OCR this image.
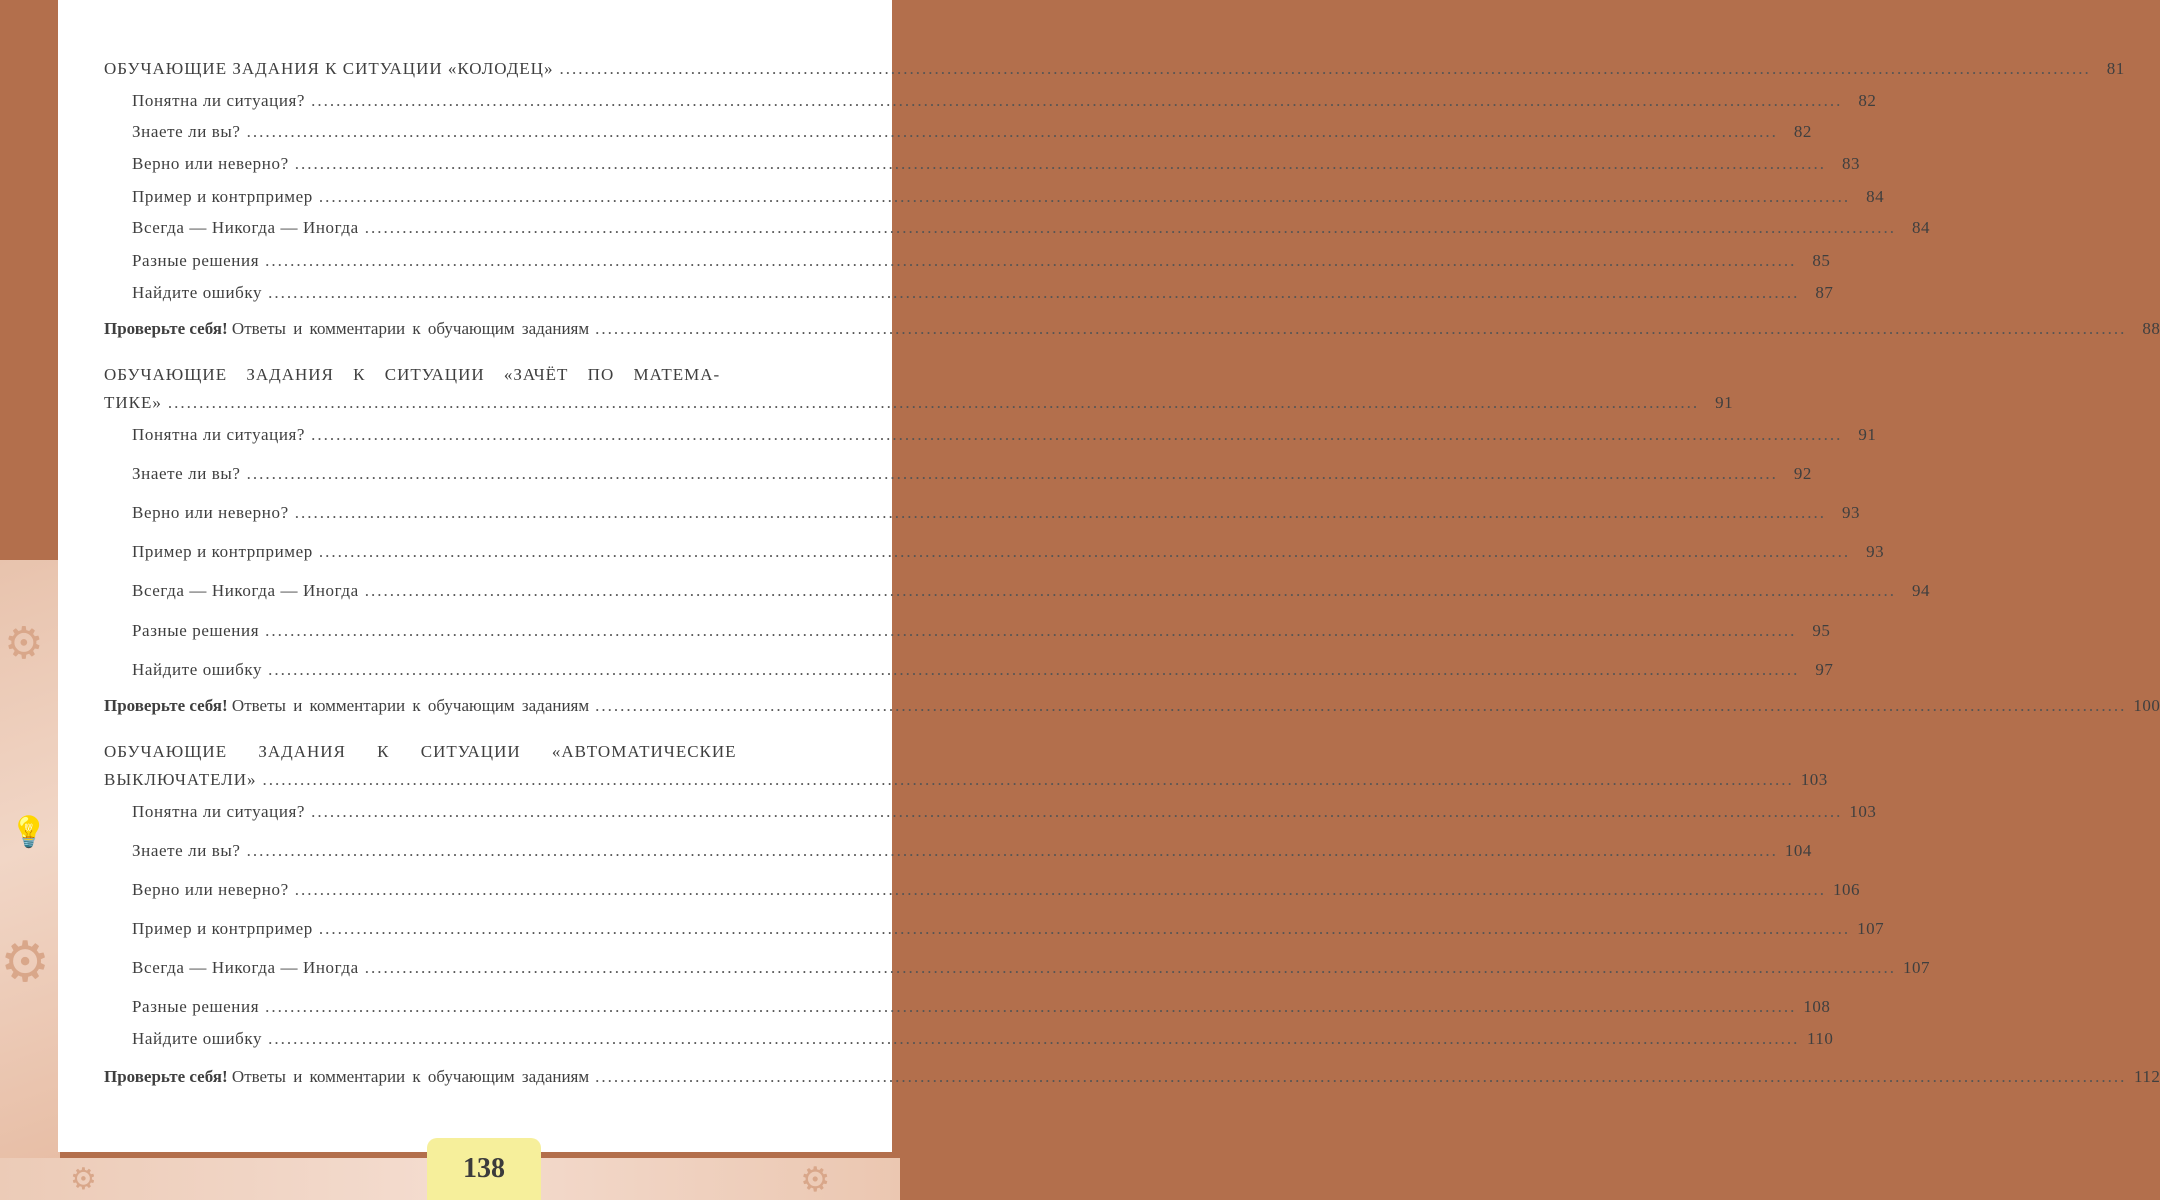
⚙
⚙
💡
⚙
⚙
ОБУЧАЮЩИЕ ЗАДАНИЯ К СИТУАЦИИ «КОЛОДЕЦ» .....	81
Понятна ли ситуация? .....	82
Знаете ли вы? .....	82
Верно или неверно? .....	83
Пример и контрпример .....	84
Всегда — Никогда — Иногда .....	84
Разные решения .....	85
Найдите ошибку .....	87
Проверьте себя!
Ответы и комментарии к обучающим заданиям .....	88
ОБУЧАЮЩИЕ ЗАДАНИЯ К СИТУАЦИИ «ЗАЧЁТ ПО МАТЕМА-
ТИКЕ» .....	91
Понятна ли ситуация? .....	91
Знаете ли вы? .....	92
Верно или неверно? .....	93
Пример и контрпример .....	93
Всегда — Никогда — Иногда .....	94
Разные решения .....	95
Найдите ошибку .....	97
Проверьте себя!
Ответы и комментарии к обучающим заданиям .....	100
ОБУЧАЮЩИЕ ЗАДАНИЯ К СИТУАЦИИ «АВТОМАТИЧЕСКИЕ
ВЫКЛЮЧАТЕЛИ» .....	103
Понятна ли ситуация? .....	103
Знаете ли вы? .....	104
Верно или неверно? .....	106
Пример и контрпример .....	107
Всегда — Никогда — Иногда .....	107
Разные решения .....	108
Найдите ошибку .....	110
Проверьте себя!
Ответы и комментарии к обучающим заданиям .....	112
138
